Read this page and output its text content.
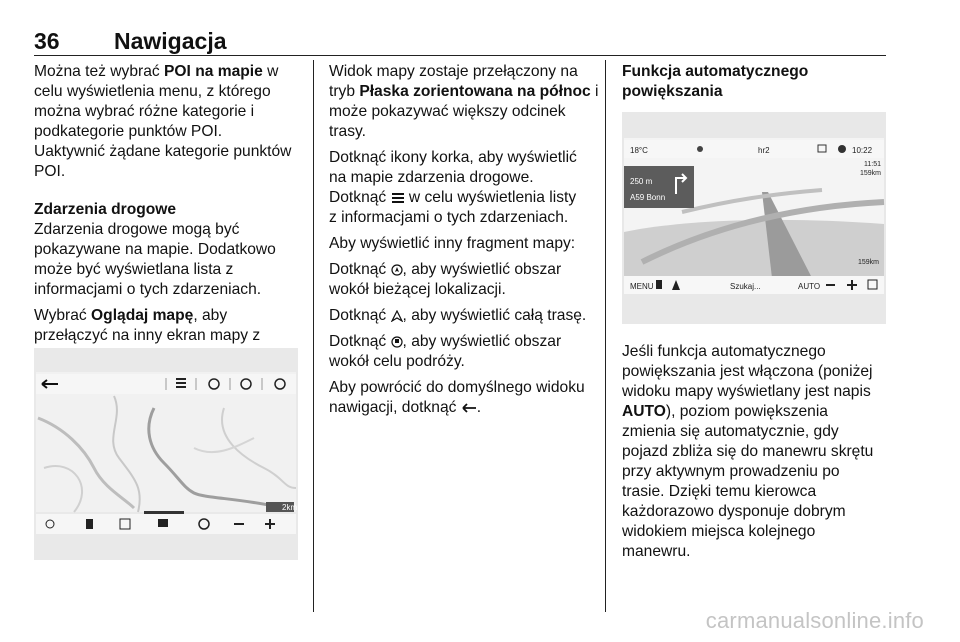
36 Nawigacja

Można też wybrać POI na mapie w
celu wyświetlenia menu, z którego
można wybrać różne kategorie i
podkategorie punktów POI.
Uaktywnić żądane kategorie punktów
POI.

Zdarzenia drogowe

Zdarzenia drogowe mogą być
pokazywane na mapie. Dodatkowo
może być wyświetlana lista z
informacjami o tych zdarzeniach.

Wybrać Oglądaj mapę, aby
przełączyć na inny ekran mapy z

2km

Widok mapy zostaje przełączony na
tryb Płaska zorientowana na północ i
może pokazywać większy odcinek
trasy.

Dotknąć ikony korka, aby wyświetlić
na mapie zdarzenia drogowe.
Dotknąć  w celu wyświetlenia listy
z informacjami o tych zdarzeniach.

Aby wyświetlić inny fragment mapy:

Dotknąć , aby wyświetlić obszar
wokół bieżącej lokalizacji.

Dotknąć , aby wyświetlić całą trasę.

Dotknąć , aby wyświetlić obszar
wokół celu podróży.

Aby powrócić do domyślnego widoku
nawigacji, dotknąć .

Funkcja automatycznego
powiększania
18°C	hr2	10:22
11:51
159km
250 m
A59 Bonn
159km
MENU	Szukaj...	AUTO

Jeśli funkcja automatycznego
powiększania jest włączona (poniżej
widoku mapy wyświetlany jest napis
AUTO), poziom powiększenia
zmienia się automatycznie, gdy
pojazd zbliża się do manewru skrętu
przy aktywnym prowadzeniu po
trasie. Dzięki temu kierowca
każdorazowo dysponuje dobrym
widokiem miejsca kolejnego
manewru.

carmanualsonline.info
